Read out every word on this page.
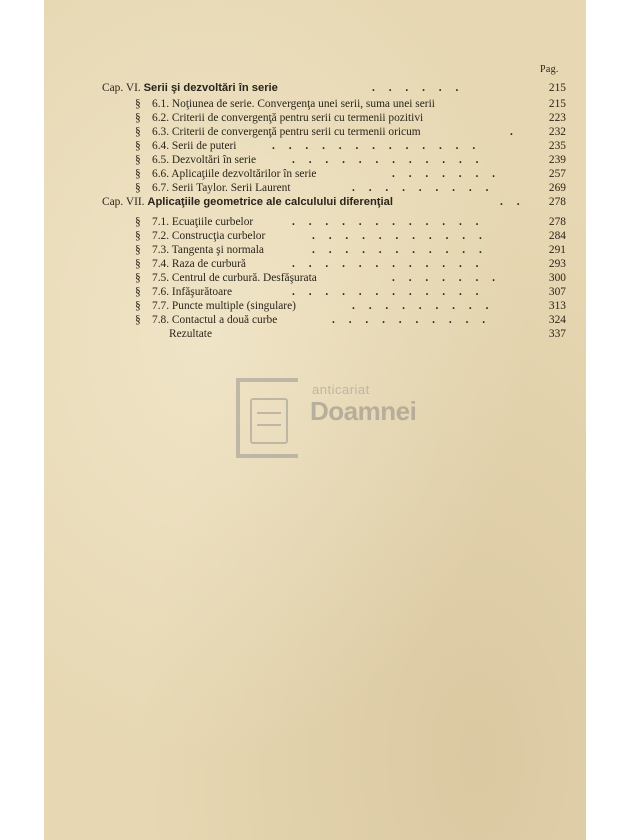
Pag.
Cap. VI. Serii şi dezvoltări în serie	. . . . . .	215
§ 6.1. Noţiunea de serie. Convergenţa unei serii, suma unei serii	215
§ 6.2. Criterii de convergenţă pentru serii cu termenii pozitivi	223
§ 6.3. Criterii de convergenţă pentru serii cu termenii oricum	.	232
§ 6.4. Serii de puteri	. . . . . . . . . . . . .	235
§ 6.5. Dezvoltări în serie	. . . . . . . . . . . .	239
§ 6.6. Aplicaţiile dezvoltărilor în serie	. . . . . . .	257
§ 6.7. Serii Taylor. Serii Laurent	. . . . . . . . .	269
Cap. VII. Aplicaţiile geometrice ale calculului diferenţial	. . 278
§ 7.1. Ecuaţiile curbelor	. . . . . . . . . . . .	278
§ 7.2. Construcţia curbelor	. . . . . . . . . . .	284
§ 7.3. Tangenta şi normala	. . . . . . . . . . .	291
§ 7.4. Raza de curbură	. . . . . . . . . . . .	293
§ 7.5. Centrul de curbură. Desfăşurata	. . . . . . .	300
§ 7.6. Infăşurătoare	. . . . . . . . . . . .	307
§ 7.7. Puncte multiple (singulare)	. . . . . . . . .	313
§ 7.8. Contactul a două curbe	. . . . . . . . . .	324
Rezultate	337
anticariat
Doamnei
